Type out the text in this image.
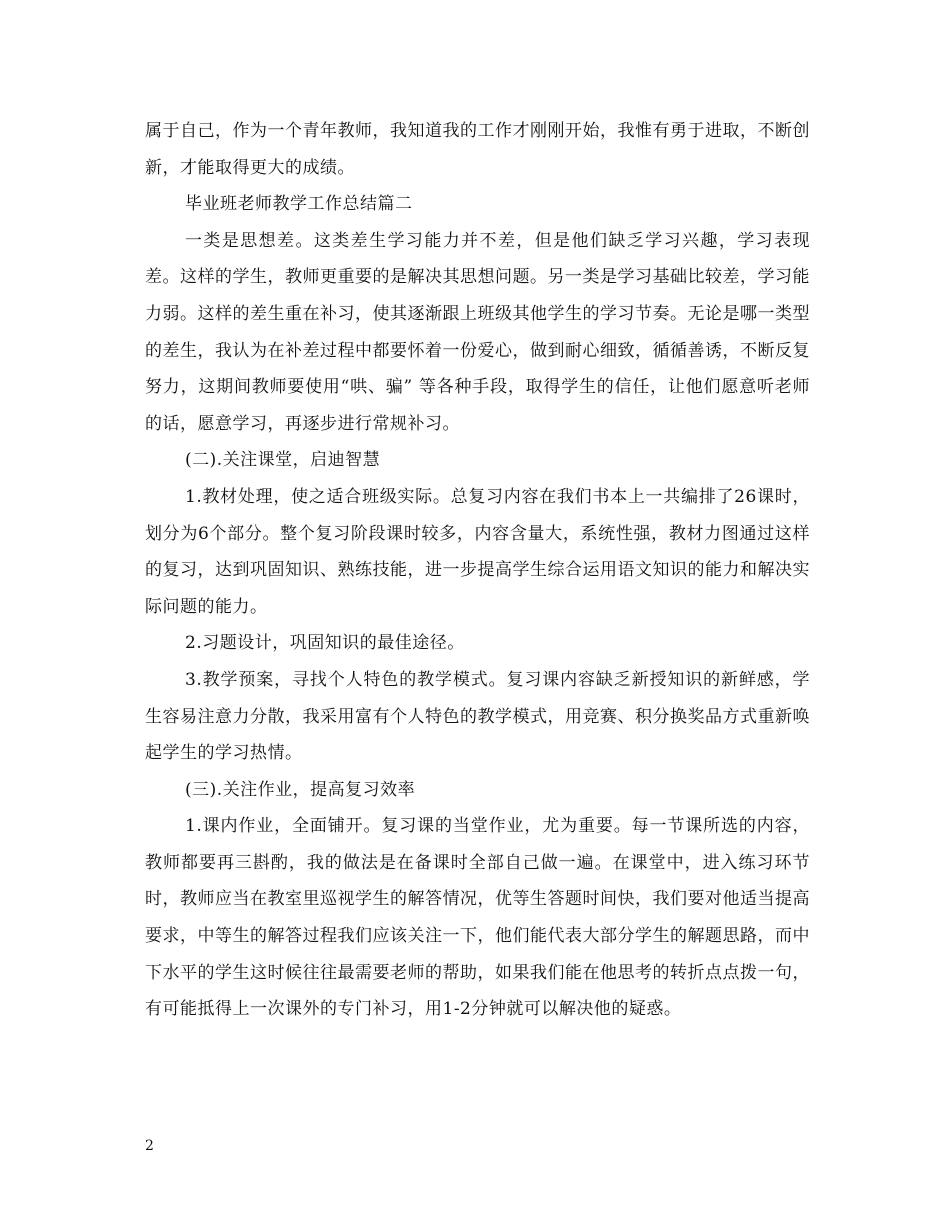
属于自己，作为一个青年教师，我知道我的工作才刚刚开始，我惟有勇于进取，不断创新，才能取得更大的成绩。

毕业班老师教学工作总结篇二

一类是思想差。这类差生学习能力并不差，但是他们缺乏学习兴趣，学习表现差。这样的学生，教师更重要的是解决其思想问题。另一类是学习基础比较差，学习能力弱。这样的差生重在补习，使其逐渐跟上班级其他学生的学习节奏。无论是哪一类型的差生，我认为在补差过程中都要怀着一份爱心，做到耐心细致，循循善诱，不断反复努力，这期间教师要使用“哄、骗” 等各种手段，取得学生的信任，让他们愿意听老师的话，愿意学习，再逐步进行常规补习。

(二).关注课堂，启迪智慧

1.教材处理，使之适合班级实际。总复习内容在我们书本上一共编排了26课时，划分为6个部分。整个复习阶段课时较多，内容含量大，系统性强，教材力图通过这样的复习，达到巩固知识、熟练技能，进一步提高学生综合运用语文知识的能力和解决实际问题的能力。

2.习题设计，巩固知识的最佳途径。

3.教学预案，寻找个人特色的教学模式。复习课内容缺乏新授知识的新鲜感，学生容易注意力分散，我采用富有个人特色的教学模式，用竞赛、积分换奖品方式重新唤起学生的学习热情。

(三).关注作业，提高复习效率

1.课内作业，全面铺开。复习课的当堂作业，尤为重要。每一节课所选的内容，教师都要再三斟酌，我的做法是在备课时全部自己做一遍。在课堂中，进入练习环节时，教师应当在教室里巡视学生的解答情况，优等生答题时间快，我们要对他适当提高要求，中等生的解答过程我们应该关注一下，他们能代表大部分学生的解题思路，而中下水平的学生这时候往往最需要老师的帮助，如果我们能在他思考的转折点点拨一句，有可能抵得上一次课外的专门补习，用1-2分钟就可以解决他的疑惑。

2
